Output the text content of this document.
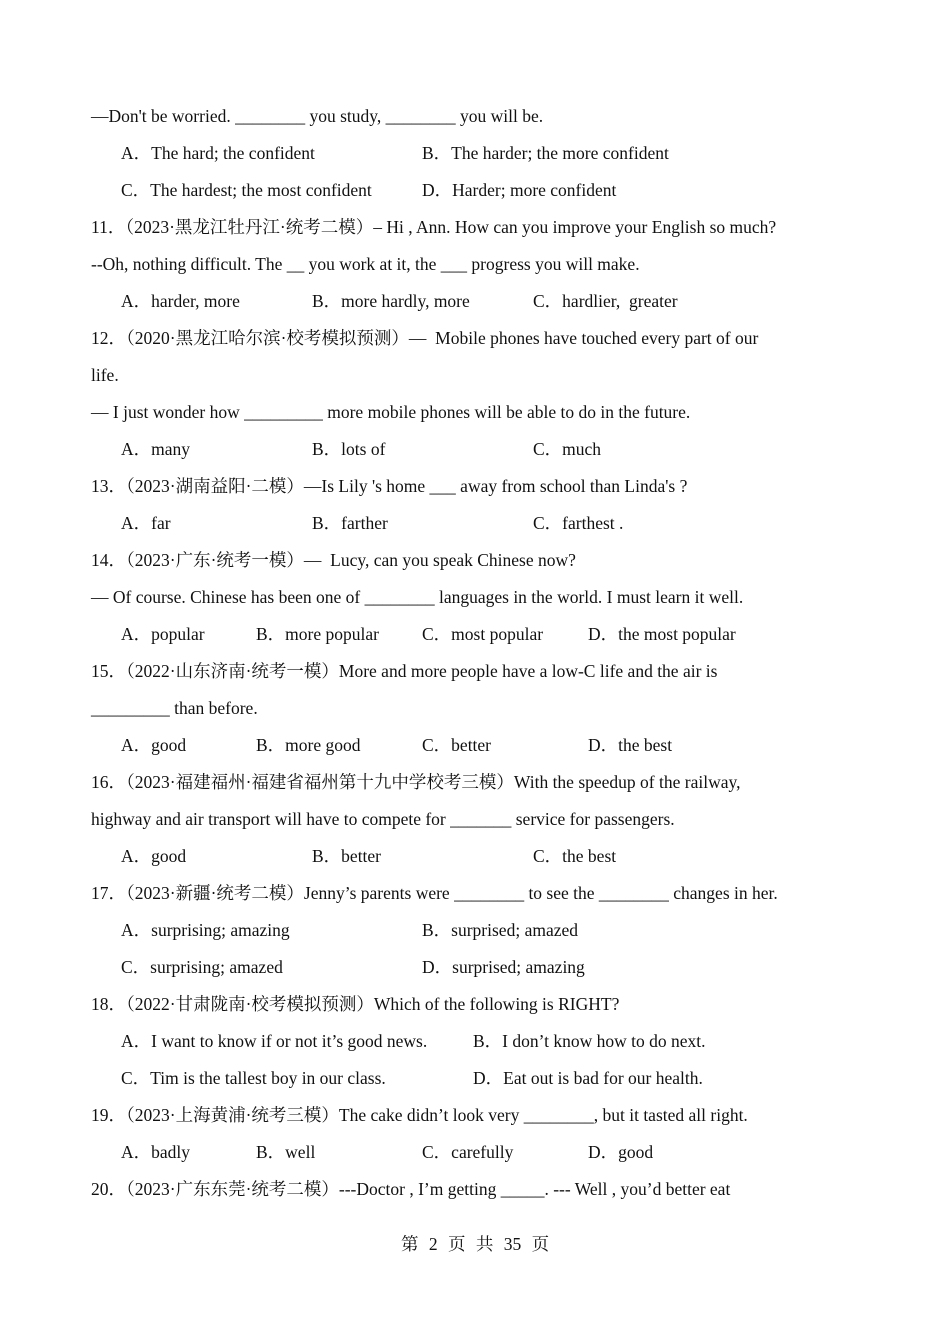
—Don't be worried. ________ you study, ________ you will be.
A．The hard; the confident	B．The harder; the more confident
C．The hardest; the most confident	D．Harder; more confident
11．（2023·黑龙江牡丹江·统考二模）– Hi , Ann. How can you improve your English so much?
--Oh, nothing difficult. The __ you work at it, the ___ progress you will make.
A．harder, more	B．more hardly, more	C．hardlier,  greater
12．（2020·黑龙江哈尔滨·校考模拟预测）—  Mobile phones have touched every part of our
life.
— I just wonder how _________ more mobile phones will be able to do in the future.
A．many	B．lots of	C．much
13．（2023·湖南益阳·二模）—Is Lily 's home ___ away from school than Linda's ?
A．far	B．farther	C．farthest .
14．（2023·广东·统考一模）—  Lucy, can you speak Chinese now?
— Of course. Chinese has been one of ________ languages in the world. I must learn it well.
A．popular	B．more popular C．most popular	D．the most popular
15．（2022·山东济南·统考一模）More and more people have a low-C life and the air is
_________ than before.
A．good	B．more good	C．better	D．the best
16．（2023·福建福州·福建省福州第十九中学校考三模）With the speedup of the railway,
highway and air transport will have to compete for _______ service for passengers.
A．good	B．better	C．the best
17．（2023·新疆·统考二模）Jenny’s parents were ________ to see the ________ changes in her.
A．surprising; amazing	B．surprised; amazed
C．surprising; amazed	D．surprised; amazing
18．（2022·甘肃陇南·校考模拟预测）Which of the following is RIGHT?
A．I want to know if or not it’s good news.	B．I don’t know how to do next.
C．Tim is the tallest boy in our class.	D．Eat out is bad for our health.
19．（2023·上海黄浦·统考三模）The cake didn’t look very ________, but it tasted all right.
A．badly	B．well	C．carefully	D．good
20．（2023·广东东莞·统考二模）---Doctor , I’m getting _____. --- Well , you’d better eat
第 2 页 共 35 页
